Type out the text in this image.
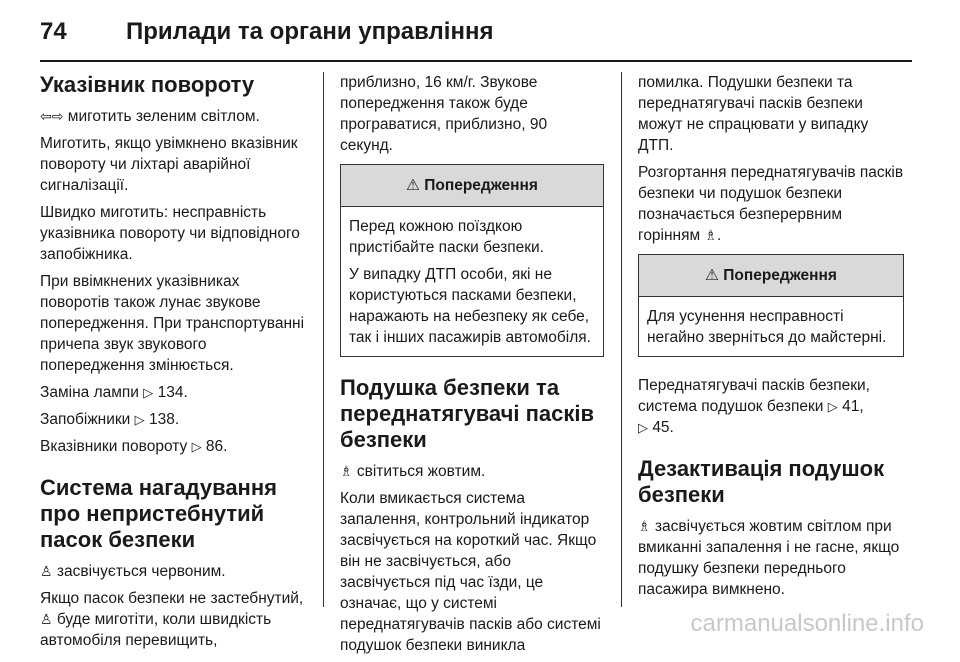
74 Прилади та органи управління
Указівник повороту

⇦⇨ миготить зеленим світлом.

Миготить, якщо увімкнено вказівник повороту чи ліхтарі аварійної сигналізації.

Швидко миготить: несправність указівника повороту чи відповідного запобіжника.

При ввімкнених указівниках поворотів також лунає звукове попередження. При транспортуванні причепа звук звукового попередження змінюється.

Заміна лампи ▷ 134.

Запобіжники ▷ 138.

Вказівники повороту ▷ 86.

Система нагадування про непристебнутий пасок безпеки

♙ засвічується червоним.

Якщо пасок безпеки не застебнутий, ♙ буде миготіти, коли швидкість автомобіля перевищить,

приблизно, 16 км/г. Звукове попередження також буде програватися, приблизно, 90 секунд.

⚠ Попередження

Перед кожною поїздкою пристібайте паски безпеки.

У випадку ДТП особи, які не користуються пасками безпеки, наражають на небезпеку як себе, так і інших пасажирів автомобіля.

Подушка безпеки та переднатягувачі пасків безпеки

♗ світиться жовтим.

Коли вмикається система запалення, контрольний індикатор засвічується на короткий час. Якщо він не засвічується, або засвічується під час їзди, це означає, що у системі переднатягувачів пасків або системі подушок безпеки виникла

помилка. Подушки безпеки та переднатягувачі пасків безпеки можут не спрацювати у випадку ДТП.

Розгортання переднатягувачів пасків безпеки чи подушок безпеки позначається безперервним горінням ♗.

⚠ Попередження

Для усунення несправності негайно зверніться до майстерні.

Переднатягувачі пасків безпеки, система подушок безпеки ▷ 41,
▷ 45.

Дезактивація подушок безпеки

♗ засвічується жовтим світлом при вмиканні запалення і не гасне, якщо подушку безпеки переднього пасажира вимкнено.

carmanualsonline.info
